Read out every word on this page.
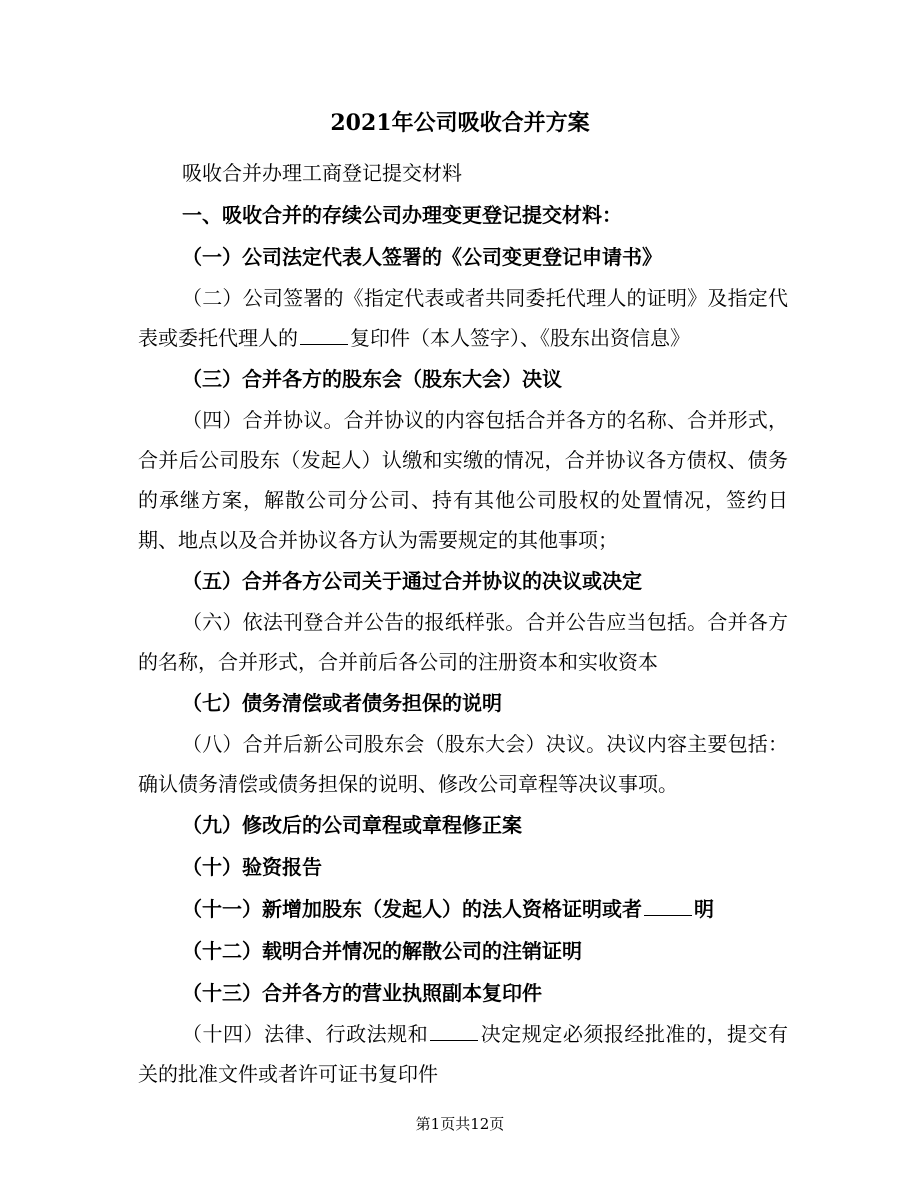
2021年公司吸收合并方案

吸收合并办理工商登记提交材料

一、吸收合并的存续公司办理变更登记提交材料：

（一）公司法定代表人签署的《公司变更登记申请书》

（二）公司签署的《指定代表或者共同委托代理人的证明》及指定代表或委托代理人的	复印件（本人签字）、《股东出资信息》

（三）合并各方的股东会（股东大会）决议

（四）合并协议。合并协议的内容包括合并各方的名称、合并形式，合并后公司股东（发起人）认缴和实缴的情况，合并协议各方债权、债务的承继方案，解散公司分公司、持有其他公司股权的处置情况，签约日期、地点以及合并协议各方认为需要规定的其他事项；

（五）合并各方公司关于通过合并协议的决议或决定

（六）依法刊登合并公告的报纸样张。合并公告应当包括。合并各方的名称，合并形式，合并前后各公司的注册资本和实收资本

（七）债务清偿或者债务担保的说明

（八）合并后新公司股东会（股东大会）决议。决议内容主要包括：确认债务清偿或债务担保的说明、修改公司章程等决议事项。

（九）修改后的公司章程或章程修正案

（十）验资报告

（十一）新增加股东（发起人）的法人资格证明或者	明

（十二）载明合并情况的解散公司的注销证明

（十三）合并各方的营业执照副本复印件

（十四）法律、行政法规和	决定规定必须报经批准的，提交有关的批准文件或者许可证书复印件

第1页共12页
